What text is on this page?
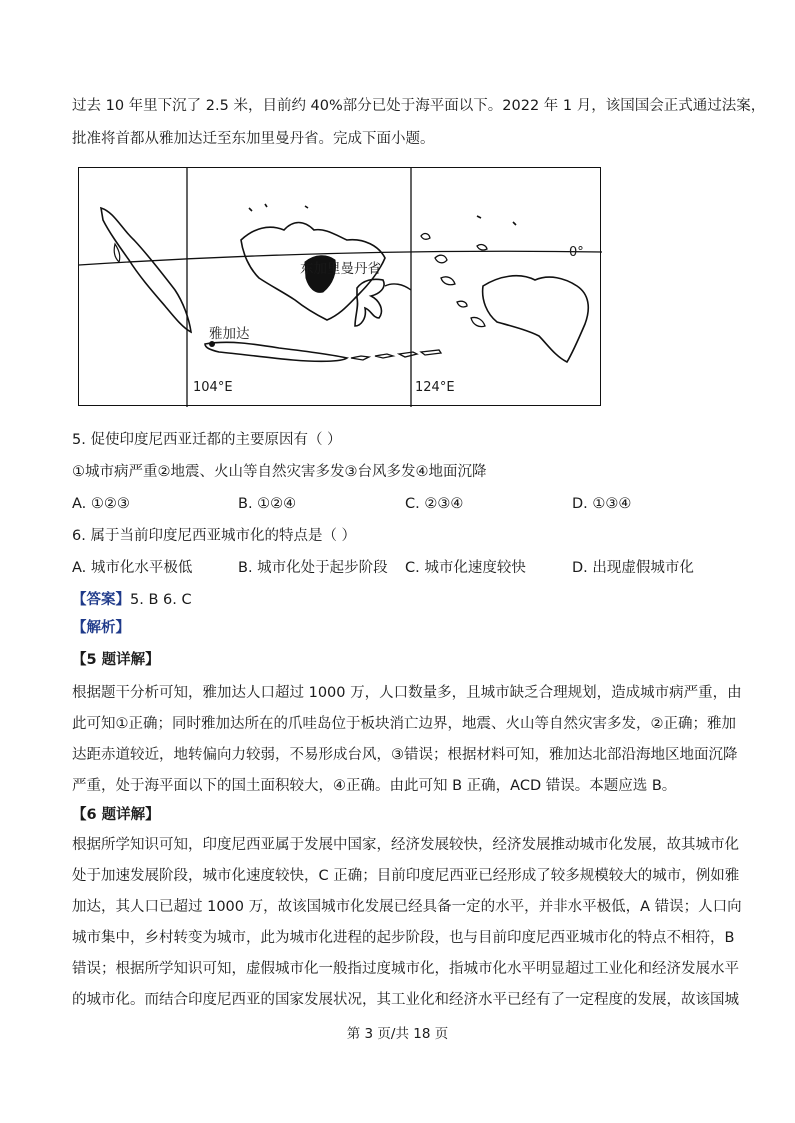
过去 10 年里下沉了 2.5 米，目前约 40%部分已处于海平面以下。2022 年 1 月，该国国会正式通过法案，
批准将首都从雅加达迁至东加里曼丹省。完成下面小题。
东加里曼丹省
雅加达
0°
104°E	124°E
5. 促使印度尼西亚迁都的主要原因有（ ）
①城市病严重②地震、火山等自然灾害多发③台风多发④地面沉降
A. ①②③	B. ①②④	C. ②③④	D. ①③④
6. 属于当前印度尼西亚城市化的特点是（ ）
A. 城市化水平极低	B. 城市化处于起步阶段 C. 城市化速度较快	D. 出现虚假城市化
【答案】5. B 6. C
【解析】
【5 题详解】
根据题干分析可知，雅加达人口超过 1000 万，人口数量多，且城市缺乏合理规划，造成城市病严重，由
此可知①正确；同时雅加达所在的爪哇岛位于板块消亡边界，地震、火山等自然灾害多发，②正确；雅加
达距赤道较近，地转偏向力较弱，不易形成台风，③错误；根据材料可知，雅加达北部沿海地区地面沉降
严重，处于海平面以下的国土面积较大，④正确。由此可知 B 正确，ACD 错误。本题应选 B。
【6 题详解】
根据所学知识可知，印度尼西亚属于发展中国家，经济发展较快，经济发展推动城市化发展，故其城市化
处于加速发展阶段，城市化速度较快，C 正确；目前印度尼西亚已经形成了较多规模较大的城市，例如雅
加达，其人口已超过 1000 万，故该国城市化发展已经具备一定的水平，并非水平极低，A 错误；人口向
城市集中，乡村转变为城市，此为城市化进程的起步阶段，也与目前印度尼西亚城市化的特点不相符，B
错误；根据所学知识可知，虚假城市化一般指过度城市化，指城市化水平明显超过工业化和经济发展水平
的城市化。而结合印度尼西亚的国家发展状况，其工业化和经济水平已经有了一定程度的发展，故该国城
第 3 页/共 18 页
